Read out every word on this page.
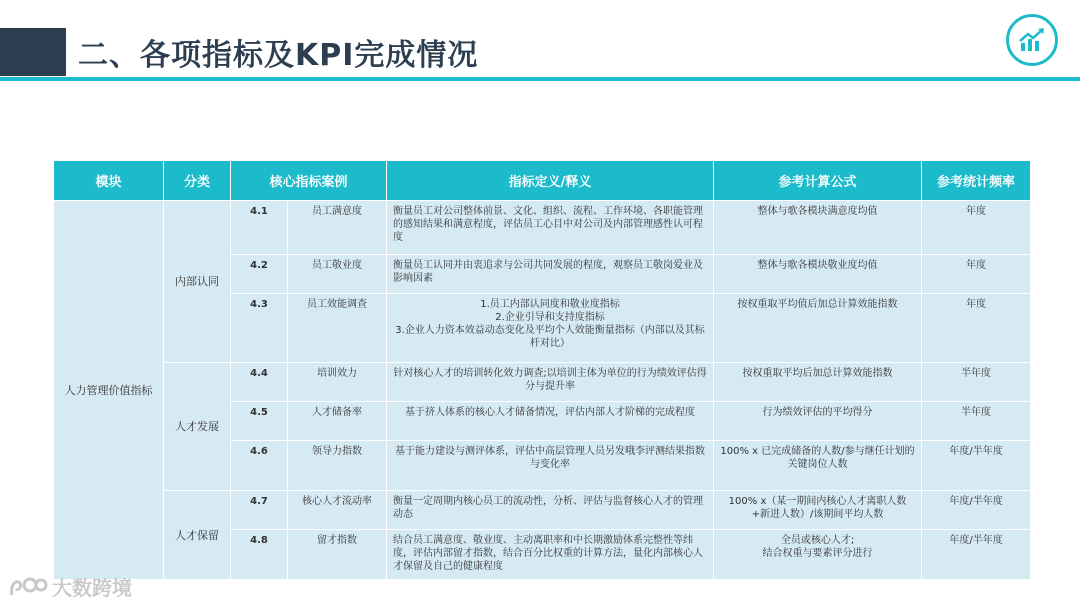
二、各项指标及KPI完成情况
模块	分类	核心指标案例		指标定义/释义	参考计算公式	参考统计频率
人力管理价值指标	内部认同	4.1	员工满意度	衡量员工对公司整体前景、文化、组织、流程、工作环境、各职能管理的感知结果和满意程度，评估员工心目中对公司及内部管理感性认可程度	整体与歌各模块满意度均值	年度
		4.2	员工敬业度	衡量员工认同并由衷追求与公司共同发展的程度，观察员工敬岗爱业及影响因素	整体与歌各模块敬业度均值	年度
		4.3	员工效能调查	1.员工内部认同度和敬业度指标
2.企业引导和支持度指标
3.企业人力资本效益动态变化及平均个人效能衡量指标（内部以及其标杆对比）	按权重取平均值后加总计算效能指数	年度
	人才发展	4.4	培训效力	针对核心人才的培训转化效力调查;以培训主体为单位的行为绩效评估得分与提升率	按权重取平均后加总计算效能指数	半年度
		4.5	人才储备率	基于挤人体系的核心人才储备情况，评估内部人才阶梯的完成程度	行为绩效评估的平均得分	半年度
		4.6	领导力指数	基于能力建设与测评体系，评估中高层管理人员另发哦李评测结果指数与变化率	100% x 已完成储备的人数/参与继任计划的关键岗位人数	年度/半年度
	人才保留	4.7	核心人才流动率	衡量一定周期内核心员工的流动性，分析、评估与监督核心人才的管理动态	100% x（某一期间内核心人才离职人数+新进人数）/该期间平均人数	年度/半年度
		4.8	留才指数	结合员工满意度、敬业度、主动离职率和中长期激励体系完整性等纬度，评估内部留才指数，结合百分比权重的计算方法，量化内部核心人才保留及自己的健康程度	全员或核心人才;
结合权重与要素评分进行	年度/半年度
大数跨境
